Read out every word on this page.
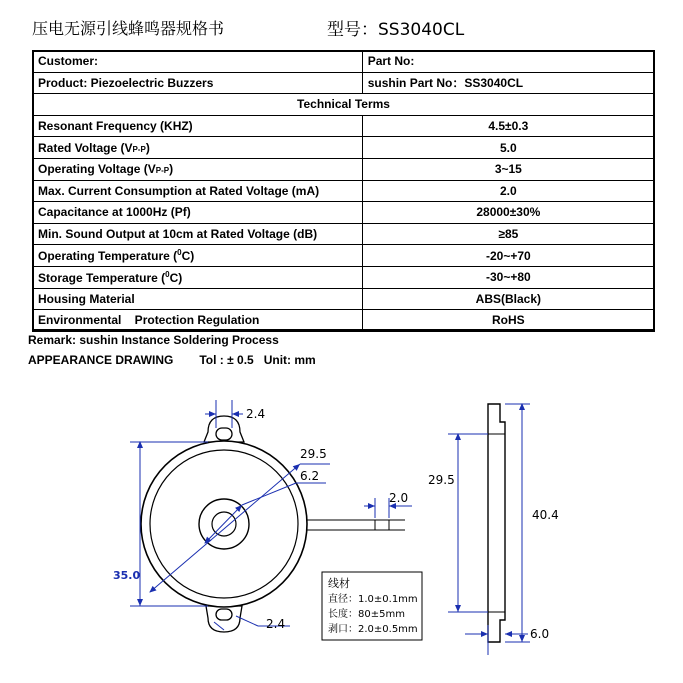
压电无源引线蜂鸣器规格书	型号：SS3040CL
Customer:	Part No:
Product: Piezoelectric Buzzers	sushin Part No：SS3040CL
Technical Terms	
Resonant Frequency (KHZ)	4.5±0.3
Rated Voltage (VP-P)	5.0
Operating Voltage (VP-P)	3~15
Max. Current Consumption at Rated Voltage (mA)	2.0
Capacitance at 1000Hz (Pf)	28000±30%
Min. Sound Output at 10cm at Rated Voltage (dB)	≥85
Operating Temperature ($^0$C)	-20~+70
Storage Temperature ($^0$C)	-30~+80
Housing Material	ABS(Black)
Environmental    Protection Regulation	RoHS
Remark: sushin Instance Soldering Process
APPEARANCE DRAWING Tol : ± 0.5 Unit: mm
2.4
29.5
6.2
2.0
35.0
2.4
线材
直径：1.0±0.1mm
长度：80±5mm
剥口：2.0±0.5mm
29.5
40.4
6.0
